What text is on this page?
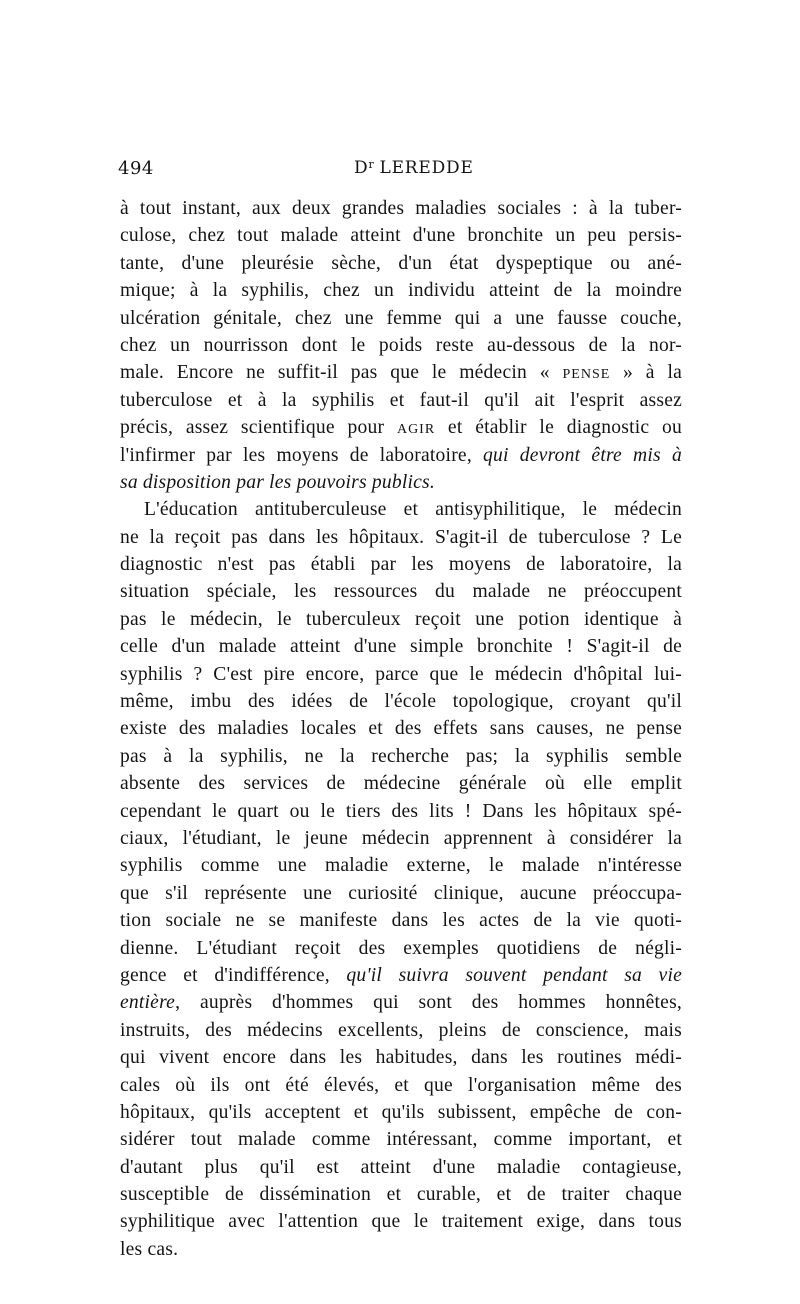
494	$D^r$ LEREDDE
à tout instant, aux deux grandes maladies sociales : à la tuber-
culose, chez tout malade atteint d'une bronchite un peu persis-
tante, d'une pleurésie sèche, d'un état dyspeptique ou ané-
mique; à la syphilis, chez un individu atteint de la moindre
ulcération génitale, chez une femme qui a une fausse couche,
chez un nourrisson dont le poids reste au-dessous de la nor-
male. Encore ne suffit-il pas que le médecin « PENSE » à la
tuberculose et à la syphilis et faut-il qu'il ait l'esprit assez
précis, assez scientifique pour AGIR et établir le diagnostic ou
l'infirmer par les moyens de laboratoire, qui devront être mis à
sa disposition par les pouvoirs publics.
L'éducation antituberculeuse et antisyphilitique, le médecin
ne la reçoit pas dans les hôpitaux. S'agit-il de tuberculose ? Le
diagnostic n'est pas établi par les moyens de laboratoire, la
situation spéciale, les ressources du malade ne préoccupent
pas le médecin, le tuberculeux reçoit une potion identique à
celle d'un malade atteint d'une simple bronchite ! S'agit-il de
syphilis ? C'est pire encore, parce que le médecin d'hôpital lui-
même, imbu des idées de l'école topologique, croyant qu'il
existe des maladies locales et des effets sans causes, ne pense
pas à la syphilis, ne la recherche pas; la syphilis semble
absente des services de médecine générale où elle emplit
cependant le quart ou le tiers des lits ! Dans les hôpitaux spé-
ciaux, l'étudiant, le jeune médecin apprennent à considérer la
syphilis comme une maladie externe, le malade n'intéresse
que s'il représente une curiosité clinique, aucune préoccupa-
tion sociale ne se manifeste dans les actes de la vie quoti-
dienne. L'étudiant reçoit des exemples quotidiens de négli-
gence et d'indifférence, qu'il suivra souvent pendant sa vie
entière, auprès d'hommes qui sont des hommes honnêtes,
instruits, des médecins excellents, pleins de conscience, mais
qui vivent encore dans les habitudes, dans les routines médi-
cales où ils ont été élevés, et que l'organisation même des
hôpitaux, qu'ils acceptent et qu'ils subissent, empêche de con-
sidérer tout malade comme intéressant, comme important, et
d'autant plus qu'il est atteint d'une maladie contagieuse,
susceptible de dissémination et curable, et de traiter chaque
syphilitique avec l'attention que le traitement exige, dans tous
les cas.
